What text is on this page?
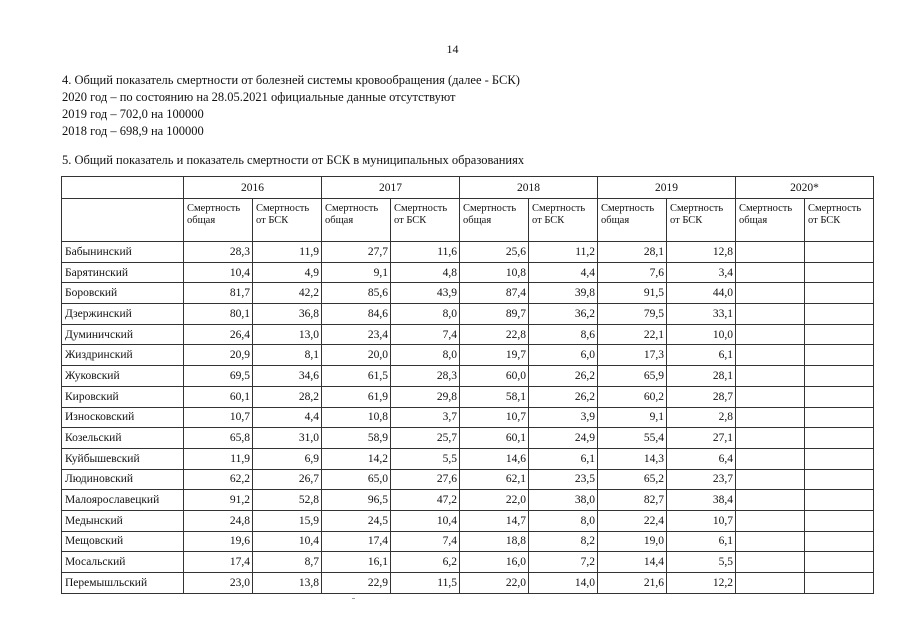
14
4. Общий показатель смертности от болезней системы кровообращения (далее - БСК)
2020 год – по состоянию на 28.05.2021 официальные данные отсутствуют
2019 год – 702,0 на 100000
2018 год – 698,9 на 100000
5. Общий показатель и показатель смертности от БСК в муниципальных образованиях
	2016		2017		2018		2019		2020*	
	Смертность общая	Смертность от БСК	Смертность общая	Смертность от БСК	Смертность общая	Смертность от БСК	Смертность общая	Смертность от БСК	Смертность общая	Смертность от БСК
Бабынинский	28,3	11,9	27,7	11,6	25,6	11,2	28,1	12,8		
Барятинский	10,4	4,9	9,1	4,8	10,8	4,4	7,6	3,4		
Боровский	81,7	42,2	85,6	43,9	87,4	39,8	91,5	44,0		
Дзержинский	80,1	36,8	84,6	8,0	89,7	36,2	79,5	33,1		
Думиничский	26,4	13,0	23,4	7,4	22,8	8,6	22,1	10,0		
Жиздринский	20,9	8,1	20,0	8,0	19,7	6,0	17,3	6,1		
Жуковский	69,5	34,6	61,5	28,3	60,0	26,2	65,9	28,1		
Кировский	60,1	28,2	61,9	29,8	58,1	26,2	60,2	28,7		
Износковский	10,7	4,4	10,8	3,7	10,7	3,9	9,1	2,8		
Козельский	65,8	31,0	58,9	25,7	60,1	24,9	55,4	27,1		
Куйбышевский	11,9	6,9	14,2	5,5	14,6	6,1	14,3	6,4		
Людиновский	62,2	26,7	65,0	27,6	62,1	23,5	65,2	23,7		
Малоярославецкий	91,2	52,8	96,5	47,2	22,0	38,0	82,7	38,4		
Медынский	24,8	15,9	24,5	10,4	14,7	8,0	22,4	10,7		
Мещовский	19,6	10,4	17,4	7,4	18,8	8,2	19,0	6,1		
Мосальский	17,4	8,7	16,1	6,2	16,0	7,2	14,4	5,5		
Перемышльский	23,0	13,8	22,9	11,5	22,0	14,0	21,6	12,2		
